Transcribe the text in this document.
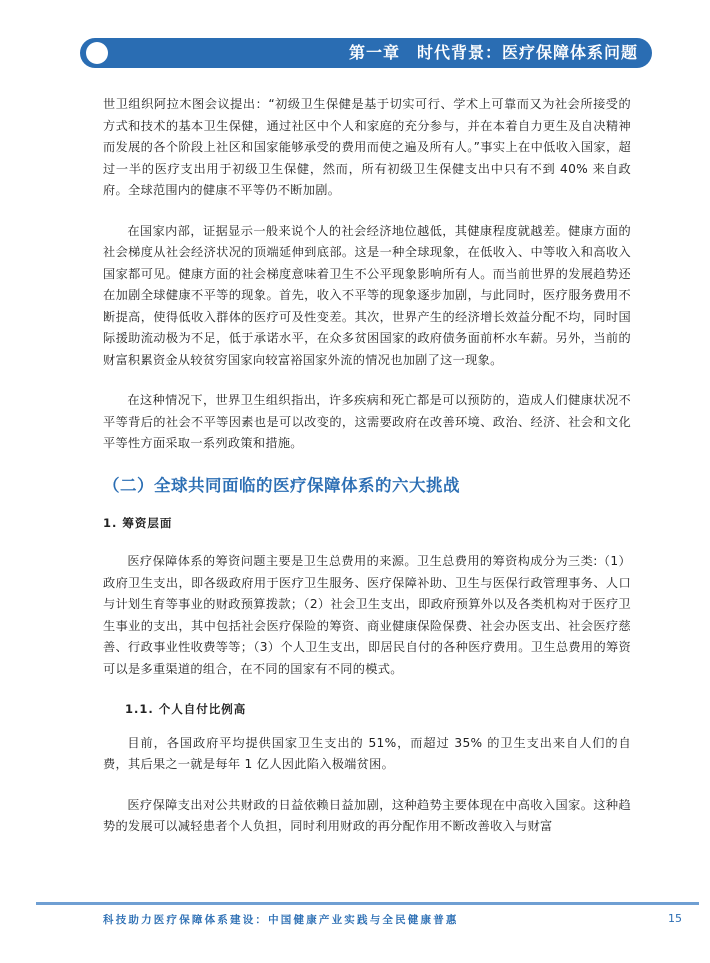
第一章　时代背景：医疗保障体系问题

世卫组织阿拉木图会议提出：“初级卫生保健是基于切实可行、学术上可靠而又为社会所接受的方式和技术的基本卫生保健，通过社区中个人和家庭的充分参与，并在本着自力更生及自决精神而发展的各个阶段上社区和国家能够承受的费用而使之遍及所有人。”事实上在中低收入国家，超过一半的医疗支出用于初级卫生保健，然而，所有初级卫生保健支出中只有不到 40% 来自政府。全球范围内的健康不平等仍不断加剧。

在国家内部，证据显示一般来说个人的社会经济地位越低，其健康程度就越差。健康方面的社会梯度从社会经济状况的顶端延伸到底部。这是一种全球现象，在低收入、中等收入和高收入国家都可见。健康方面的社会梯度意味着卫生不公平现象影响所有人。而当前世界的发展趋势还在加剧全球健康不平等的现象。首先，收入不平等的现象逐步加剧，与此同时，医疗服务费用不断提高，使得低收入群体的医疗可及性变差。其次，世界产生的经济增长效益分配不均，同时国际援助流动极为不足，低于承诺水平，在众多贫困国家的政府债务面前杯水车薪。另外，当前的财富积累资金从较贫穷国家向较富裕国家外流的情况也加剧了这一现象。

在这种情况下，世界卫生组织指出，许多疾病和死亡都是可以预防的，造成人们健康状况不平等背后的社会不平等因素也是可以改变的，这需要政府在改善环境、政治、经济、社会和文化平等性方面采取一系列政策和措施。

（二）全球共同面临的医疗保障体系的六大挑战
1. 筹资层面

医疗保障体系的筹资问题主要是卫生总费用的来源。卫生总费用的筹资构成分为三类:（1）政府卫生支出，即各级政府用于医疗卫生服务、医疗保障补助、卫生与医保行政管理事务、人口与计划生育等事业的财政预算拨款；（2）社会卫生支出，即政府预算外以及各类机构对于医疗卫生事业的支出，其中包括社会医疗保险的筹资、商业健康保险保费、社会办医支出、社会医疗慈善、行政事业性收费等等；（3）个人卫生支出，即居民自付的各种医疗费用。卫生总费用的筹资可以是多重渠道的组合，在不同的国家有不同的模式。

1.1. 个人自付比例高

目前，各国政府平均提供国家卫生支出的 51%，而超过 35% 的卫生支出来自人们的自费，其后果之一就是每年 1 亿人因此陷入极端贫困。

医疗保障支出对公共财政的日益依赖日益加剧，这种趋势主要体现在中高收入国家。这种趋势的发展可以减轻患者个人负担，同时利用财政的再分配作用不断改善收入与财富

科技助力医疗保障体系建设：中国健康产业实践与全民健康普惠	15
